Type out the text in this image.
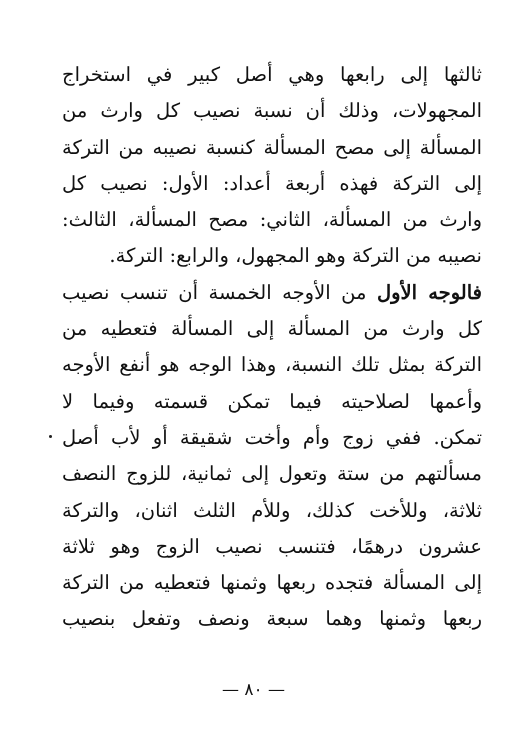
ثالثها إلى رابعها وهي أصل كبير في استخراج
المجهولات، وذلك أن نسبة نصيب كل وارث من
المسألة إلى مصح المسألة كنسبة نصيبه من التركة
إلى التركة فهذه أربعة أعداد: الأول: نصيب كل
وارث من المسألة، الثاني: مصح المسألة، الثالث:
نصيبه من التركة وهو المجهول، والرابع: التركة.
فالوجه الأول من الأوجه الخمسة أن تنسب نصيب
كل وارث من المسألة إلى المسألة فتعطيه من
التركة بمثل تلك النسبة، وهذا الوجه هو أنفع الأوجه
وأعمها لصلاحيته فيما تمكن قسمته وفيما لا
تمكن. ففي زوج وأم وأخت شقيقة أو لأب أصل
مسألتهم من ستة وتعول إلى ثمانية، للزوج النصف
ثلاثة، وللأخت كذلك، وللأم الثلث اثنان، والتركة
عشرون درهمًا، فتنسب نصيب الزوج وهو ثلاثة
إلى المسألة فتجده ربعها وثمنها فتعطيه من التركة
ربعها وثمنها وهما سبعة ونصف وتفعل بنصيب
— ٨٠ —
